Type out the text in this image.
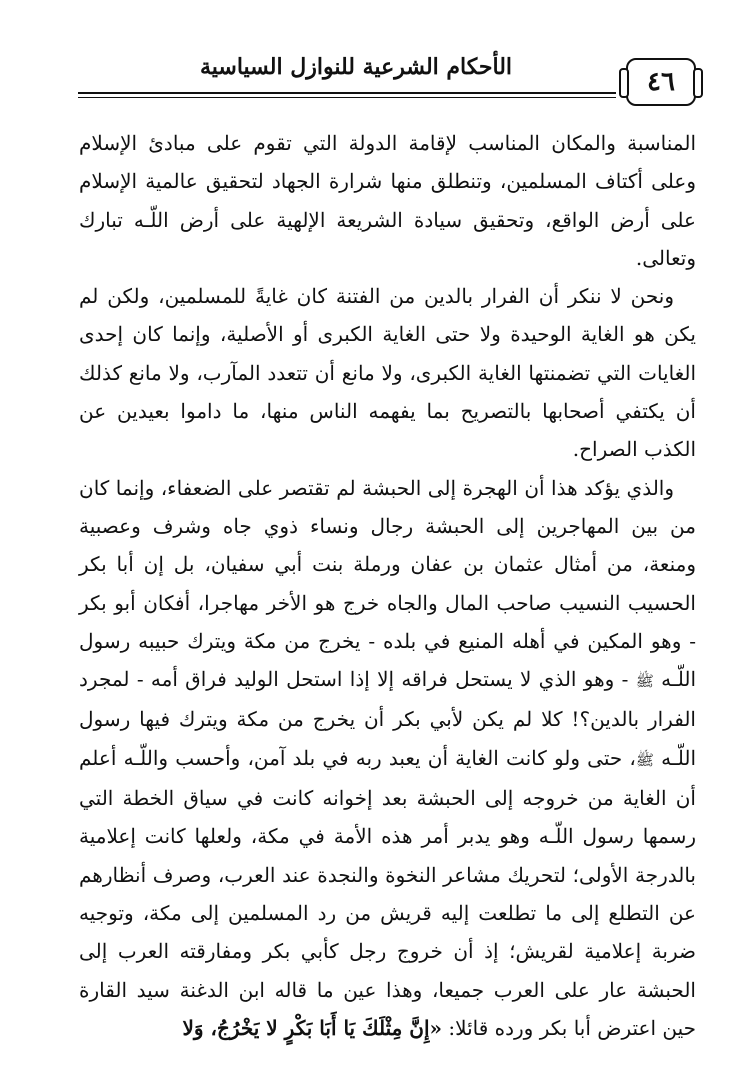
الأحكام الشرعية للنوازل السياسية	٤٦

المناسبة والمكان المناسب لإقامة الدولة التي تقوم على مبادئ الإسلام وعلى أكتاف المسلمين، وتنطلق منها شرارة الجهاد لتحقيق عالمية الإسلام على أرض الواقع، وتحقيق سيادة الشريعة الإلهية على أرض اللّـه تبارك وتعالى.

ونحن لا ننكر أن الفرار بالدين من الفتنة كان غايةً للمسلمين، ولكن لم يكن هو الغاية الوحيدة ولا حتى الغاية الكبرى أو الأصلية، وإنما كان إحدى الغايات التي تضمنتها الغاية الكبرى، ولا مانع أن تتعدد المآرب، ولا مانع كذلك أن يكتفي أصحابها بالتصريح بما يفهمه الناس منها، ما داموا بعيدين عن الكذب الصراح.

والذي يؤكد هذا أن الهجرة إلى الحبشة لم تقتصر على الضعفاء، وإنما كان من بين المهاجرين إلى الحبشة رجال ونساء ذوي جاه وشرف وعصبية ومنعة، من أمثال عثمان بن عفان ورملة بنت أبي سفيان، بل إن أبا بكر الحسيب النسيب صاحب المال والجاه خرج هو الأخر مهاجرا، أفكان أبو بكر - وهو المكين في أهله المنيع في بلده - يخرج من مكة ويترك حبيبه رسول اللّـه ﷺ - وهو الذي لا يستحل فراقه إلا إذا استحل الوليد فراق أمه - لمجرد الفرار بالدين؟! كلا لم يكن لأبي بكر أن يخرج من مكة ويترك فيها رسول اللّـه ﷺ، حتى ولو كانت الغاية أن يعبد ربه في بلد آمن، وأحسب واللّـه أعلم أن الغاية من خروجه إلى الحبشة بعد إخوانه كانت في سياق الخطة التي رسمها رسول اللّـه وهو يدبر أمر هذه الأمة في مكة، ولعلها كانت إعلامية بالدرجة الأولى؛ لتحريك مشاعر النخوة والنجدة عند العرب، وصرف أنظارهم عن التطلع إلى ما تطلعت إليه قريش من رد المسلمين إلى مكة، وتوجيه ضربة إعلامية لقريش؛ إذ أن خروج رجل كأبي بكر ومفارقته العرب إلى الحبشة عار على العرب جميعا، وهذا عين ما قاله ابن الدغنة سيد القارة حين اعترض أبا بكر ورده قائلا: «إِنَّ مِثْلَكَ يَا أَبَا بَكْرٍ لا يَخْرُجُ، وَلا
